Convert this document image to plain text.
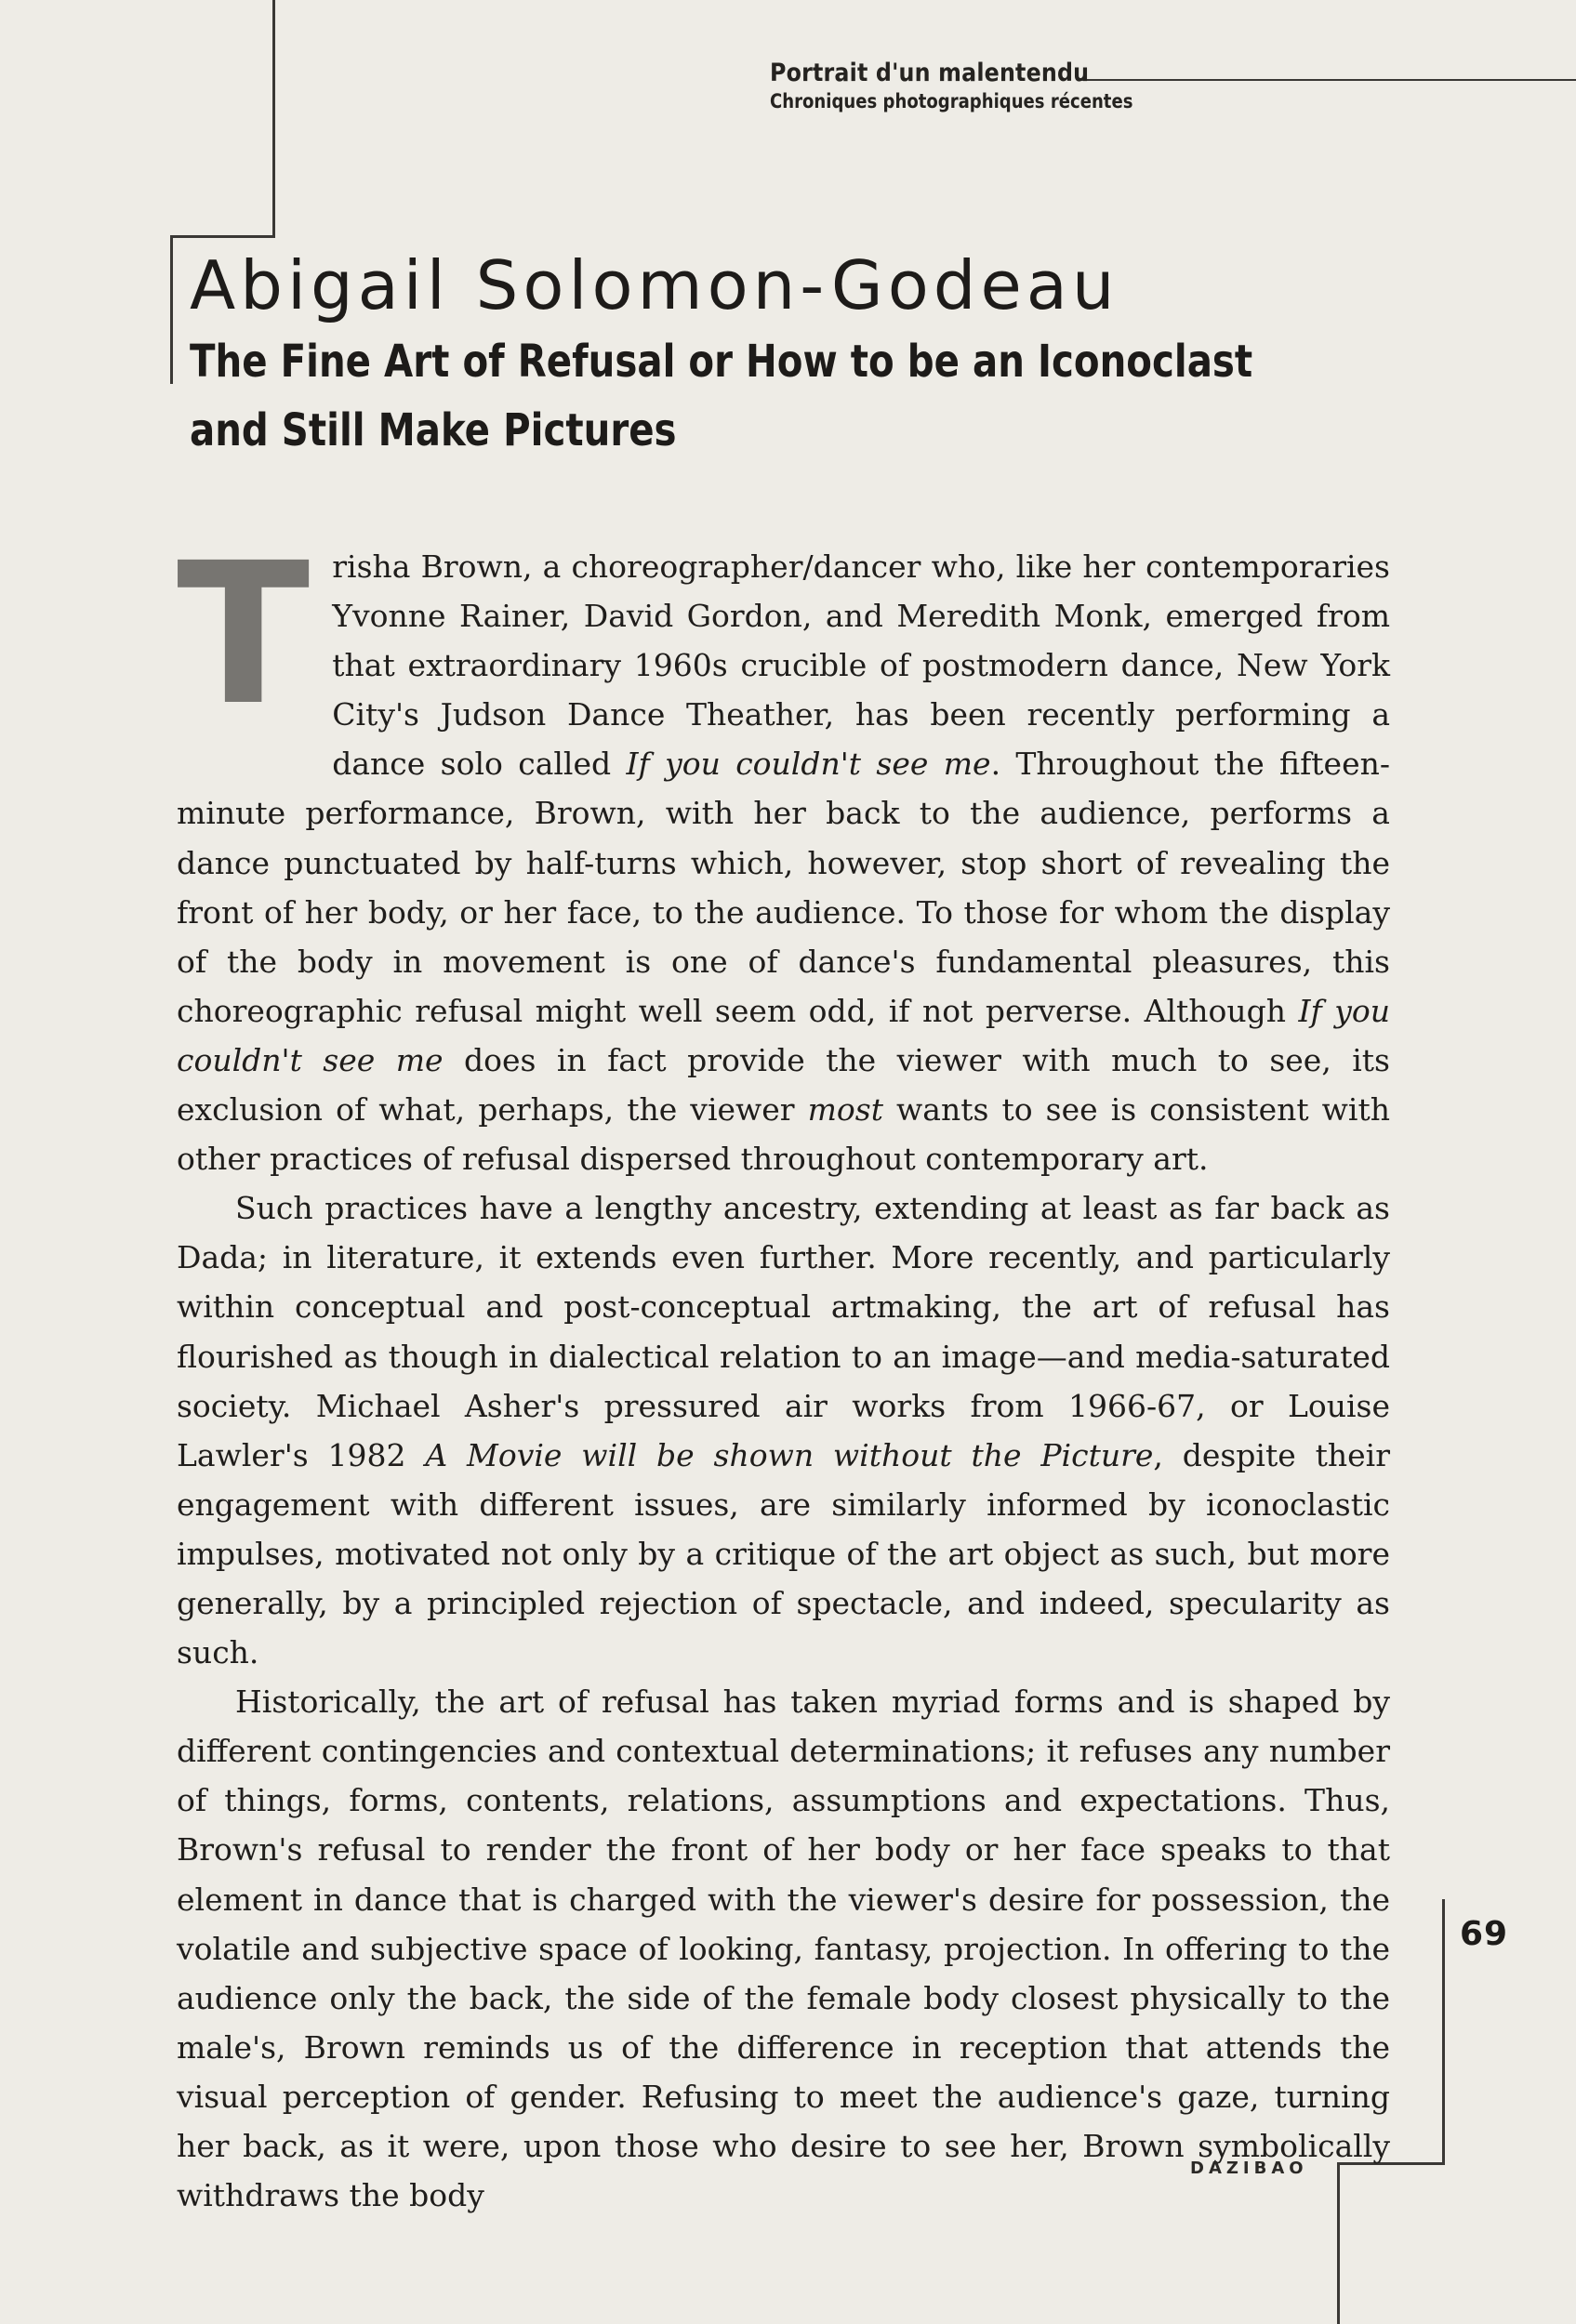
Portrait d'un malentendu
Chroniques photographiques récentes
Abigail Solomon-Godeau
The Fine Art of Refusal or How to be an Iconoclast
and Still Make Pictures

Trisha Brown, a choreographer/dancer who, like her contemporaries Yvonne Rainer, David Gordon, and Meredith Monk, emerged from that extraordinary 1960s crucible of postmodern dance, New York City's Judson Dance Theather, has been recently performing a dance solo called If you couldn't see me. Throughout the fifteen-minute performance, Brown, with her back to the audience, performs a dance punctuated by half-turns which, however, stop short of revealing the front of her body, or her face, to the audience. To those for whom the display of the body in movement is one of dance's fundamental pleasures, this choreographic refusal might well seem odd, if not perverse. Although If you couldn't see me does in fact provide the viewer with much to see, its exclusion of what, perhaps, the viewer most wants to see is consistent with other practices of refusal dispersed throughout contemporary art.

Such practices have a lengthy ancestry, extending at least as far back as Dada; in literature, it extends even further. More recently, and particularly within conceptual and post-conceptual artmaking, the art of refusal has flourished as though in dialectical relation to an image—and media-saturated society. Michael Asher's pressured air works from 1966-67, or Louise Lawler's 1982 A Movie will be shown without the Picture, despite their engagement with different issues, are similarly informed by iconoclastic impulses, motivated not only by a critique of the art object as such, but more generally, by a principled rejection of spectacle, and indeed, specularity as such.

Historically, the art of refusal has taken myriad forms and is shaped by different contingencies and contextual determinations; it refuses any number of things, forms, contents, relations, assumptions and expectations. Thus, Brown's refusal to render the front of her body or her face speaks to that element in dance that is charged with the viewer's desire for possession, the volatile and subjective space of looking, fantasy, projection. In offering to the audience only the back, the side of the female body closest physically to the male's, Brown reminds us of the difference in reception that attends the visual perception of gender. Refusing to meet the audience's gaze, turning her back, as it were, upon those who desire to see her, Brown symbolically withdraws the body

69
DAZIBAO
